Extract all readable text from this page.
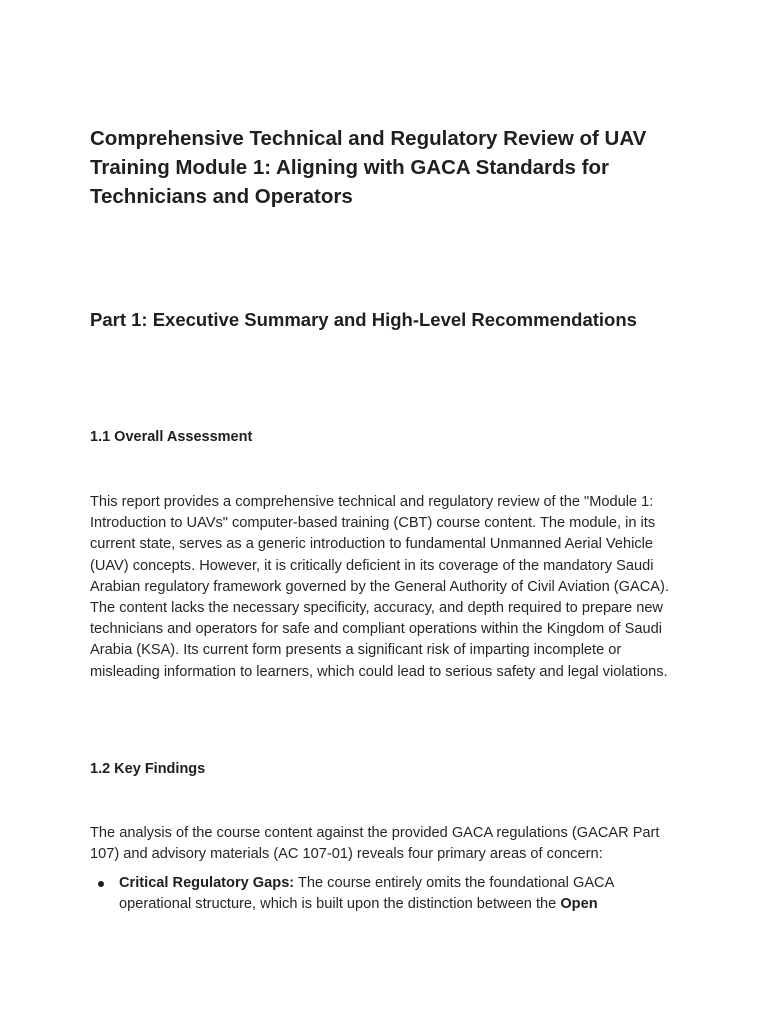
Comprehensive Technical and Regulatory Review of UAV Training Module 1: Aligning with GACA Standards for Technicians and Operators
Part 1: Executive Summary and High-Level Recommendations
1.1 Overall Assessment

This report provides a comprehensive technical and regulatory review of the "Module 1: Introduction to UAVs" computer-based training (CBT) course content. The module, in its current state, serves as a generic introduction to fundamental Unmanned Aerial Vehicle (UAV) concepts. However, it is critically deficient in its coverage of the mandatory Saudi Arabian regulatory framework governed by the General Authority of Civil Aviation (GACA). The content lacks the necessary specificity, accuracy, and depth required to prepare new technicians and operators for safe and compliant operations within the Kingdom of Saudi Arabia (KSA). Its current form presents a significant risk of imparting incomplete or misleading information to learners, which could lead to serious safety and legal violations.

1.2 Key Findings

The analysis of the course content against the provided GACA regulations (GACAR Part 107) and advisory materials (AC 107-01) reveals four primary areas of concern:

Critical Regulatory Gaps: The course entirely omits the foundational GACA operational structure, which is built upon the distinction between the Open
